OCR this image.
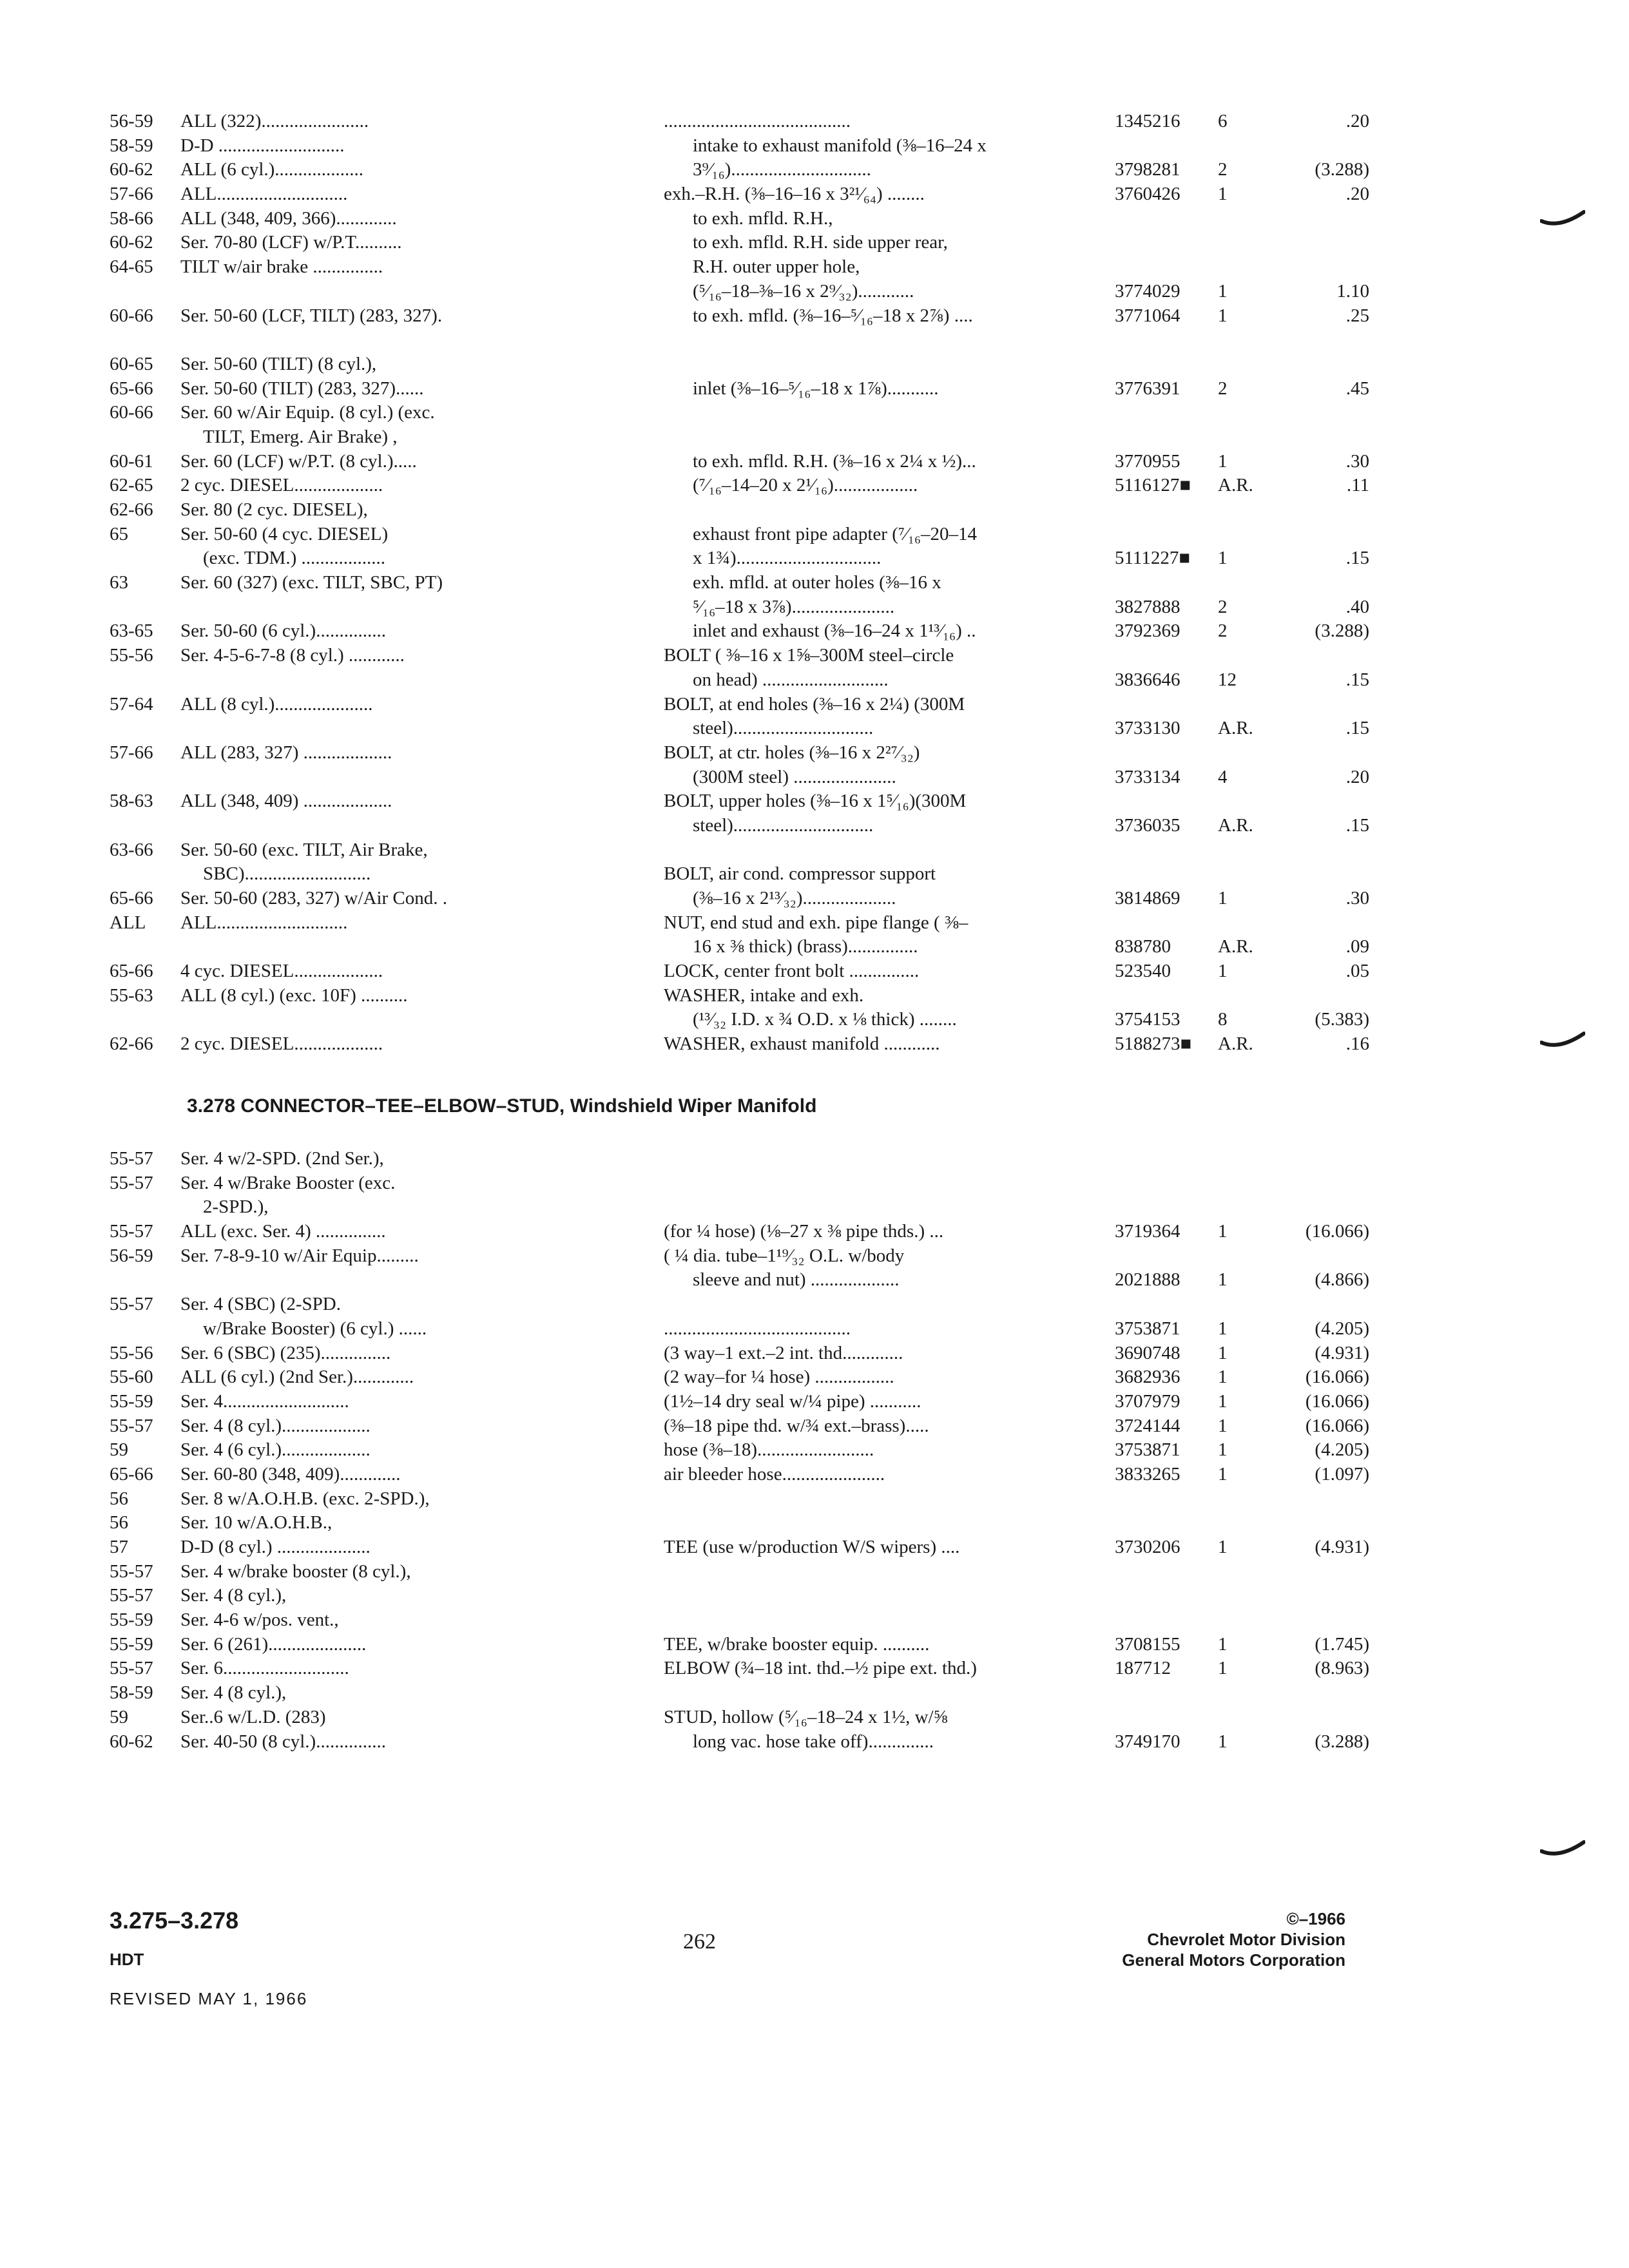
56-59	ALL (322).......................	........................................	1345216	6	.20
58-59	D-D ...........................	intake to exhaust manifold (⅜–16–24 x
60-62	ALL (6 cyl.)...................	3⁹⁄₁₆)..............................	3798281	2	(3.288)
57-66	ALL............................	exh.–R.H. (⅜–16–16 x 3²¹⁄₆₄) ........	3760426	1	.20
58-66	ALL (348, 409, 366).............	to exh. mfld. R.H.,
60-62	Ser. 70-80 (LCF) w/P.T..........	to exh. mfld. R.H. side upper rear,
64-65	TILT w/air brake ...............	R.H. outer upper hole,
(⁵⁄₁₆–18–⅜–16 x 2⁹⁄₃₂)............	3774029	1	1.10
60-66	Ser. 50-60 (LCF, TILT) (283, 327).	to exh. mfld. (⅜–16–⁵⁄₁₆–18 x 2⅞) ....	3771064	1	.25
60-65	Ser. 50-60 (TILT) (8 cyl.),
65-66	Ser. 50-60 (TILT) (283, 327)......	inlet (⅜–16–⁵⁄₁₆–18 x 1⅞)...........	3776391	2	.45
60-66	Ser. 60 w/Air Equip. (8 cyl.) (exc.
TILT, Emerg. Air Brake) ,
60-61	Ser. 60 (LCF) w/P.T. (8 cyl.).....	to exh. mfld. R.H. (⅜–16 x 2¼ x ½)...	3770955	1	.30
62-65	2 cyc. DIESEL...................	(⁷⁄₁₆–14–20 x 2¹⁄₁₆)..................	5116127■	A.R.	.11
62-66	Ser. 80 (2 cyc. DIESEL),
65	Ser. 50-60 (4 cyc. DIESEL)	exhaust front pipe adapter (⁷⁄₁₆–20–14
(exc. TDM.) ..................	x 1¾)...............................	5111227■	1	.15
63	Ser. 60 (327) (exc. TILT, SBC, PT)	exh. mfld. at outer holes (⅜–16 x
⁵⁄₁₆–18 x 3⅞)......................	3827888	2	.40
63-65	Ser. 50-60 (6 cyl.)...............	inlet and exhaust (⅜–16–24 x 1¹³⁄₁₆) ..	3792369	2	(3.288)
55-56	Ser. 4-5-6-7-8 (8 cyl.) ............	BOLT ( ⅜–16 x 1⅝–300M steel–circle
on head) ...........................	3836646	12	.15
57-64	ALL (8 cyl.).....................	BOLT, at end holes (⅜–16 x 2¼) (300M
steel)..............................	3733130	A.R.	.15
57-66	ALL (283, 327) ...................	BOLT, at ctr. holes (⅜–16 x 2²⁷⁄₃₂)
(300M steel) ......................	3733134	4	.20
58-63	ALL (348, 409) ...................	BOLT, upper holes (⅜–16 x 1⁵⁄₁₆)(300M
steel)..............................	3736035	A.R.	.15
63-66	Ser. 50-60 (exc. TILT, Air Brake,
SBC)...........................	BOLT, air cond. compressor support
65-66	Ser. 50-60 (283, 327) w/Air Cond. .	(⅜–16 x 2¹³⁄₃₂)....................	3814869	1	.30
ALL	ALL............................	NUT, end stud and exh. pipe flange ( ⅜–
16 x ⅜ thick) (brass)...............	838780	A.R.	.09
65-66	4 cyc. DIESEL...................	LOCK, center front bolt ...............	523540	1	.05
55-63	ALL (8 cyl.) (exc. 10F) ..........	WASHER, intake and exh.
(¹³⁄₃₂ I.D. x ¾ O.D. x ⅛ thick) ........	3754153	8	(5.383)
62-66	2 cyc. DIESEL...................	WASHER, exhaust manifold ............	5188273■	A.R.	.16
3.278 CONNECTOR–TEE–ELBOW–STUD, Windshield Wiper Manifold
55-57	Ser. 4 w/2-SPD. (2nd Ser.),
55-57	Ser. 4 w/Brake Booster (exc.
2-SPD.),
55-57	ALL (exc. Ser. 4) ...............	(for ¼ hose) (⅛–27 x ⅜ pipe thds.) ...	3719364	1	(16.066)
56-59	Ser. 7-8-9-10 w/Air Equip.........	( ¼ dia. tube–1¹⁹⁄₃₂ O.L. w/body
sleeve and nut) ...................	2021888	1	(4.866)
55-57	Ser. 4 (SBC) (2-SPD.
w/Brake Booster) (6 cyl.) ......	........................................	3753871	1	(4.205)
55-56	Ser. 6 (SBC) (235)...............	(3 way–1 ext.–2 int. thd.............	3690748	1	(4.931)
55-60	ALL (6 cyl.) (2nd Ser.).............	(2 way–for ¼ hose) .................	3682936	1	(16.066)
55-59	Ser. 4...........................	(1½–14 dry seal w/¼ pipe) ...........	3707979	1	(16.066)
55-57	Ser. 4 (8 cyl.)...................	(⅜–18 pipe thd. w/¾ ext.–brass).....	3724144	1	(16.066)
59	Ser. 4 (6 cyl.)...................	hose (⅜–18).........................	3753871	1	(4.205)
65-66	Ser. 60-80 (348, 409).............	air bleeder hose......................	3833265	1	(1.097)
56	Ser. 8 w/A.O.H.B. (exc. 2-SPD.),
56	Ser. 10 w/A.O.H.B.,
57	D-D (8 cyl.) ....................	TEE (use w/production W/S wipers) ....	3730206	1	(4.931)
55-57	Ser. 4 w/brake booster (8 cyl.),
55-57	Ser. 4 (8 cyl.),
55-59	Ser. 4-6 w/pos. vent.,
55-59	Ser. 6 (261).....................	TEE, w/brake booster equip. ..........	3708155	1	(1.745)
55-57	Ser. 6...........................	ELBOW (¾–18 int. thd.–½ pipe ext. thd.)	187712	1	(8.963)
58-59	Ser. 4 (8 cyl.),
59	Ser..6 w/L.D. (283)	STUD, hollow (⁵⁄₁₆–18–24 x 1½, w/⅝
60-62	Ser. 40-50 (8 cyl.)...............	long vac. hose take off)..............	3749170	1	(3.288)
3.275–3.278
HDT
REVISED MAY 1, 1966
262
©–1966
Chevrolet Motor Division
General Motors Corporation
